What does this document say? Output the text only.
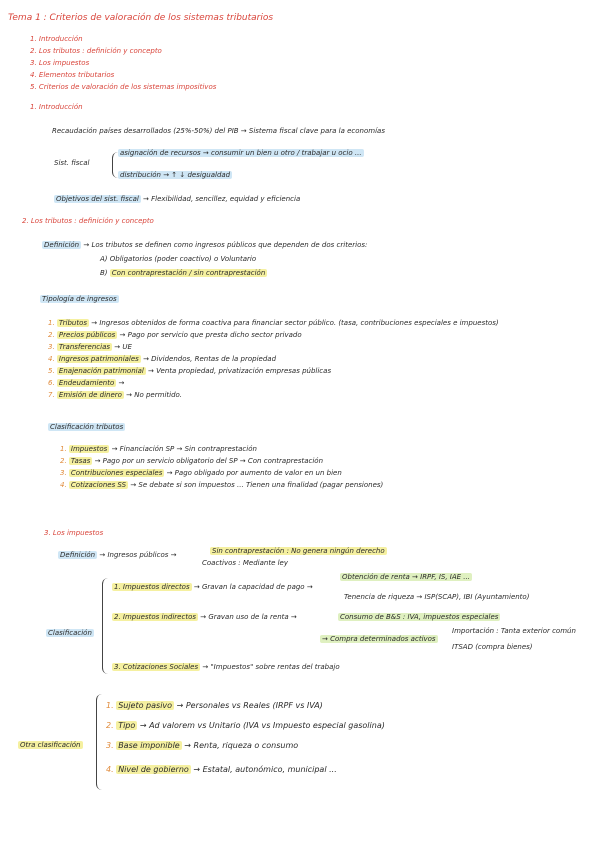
Tema 1 : Criterios de valoración de los sistemas tributarios
1. Introducción
2. Los tributos : definición y concepto
3. Los impuestos
4. Elementos tributarios
5. Criterios de valoración de los sistemas impositivos
1. Introducción
Recaudación países desarrollados (25%-50%) del PIB → Sistema fiscal clave para la economías
Sist. fiscal
asignación de recursos → consumir un bien u otro / trabajar u ocio ...
distribución → ↑ ↓ desigualdad
Objetivos del sist. fiscal → Flexibilidad, sencillez, equidad y eficiencia
2. Los tributos : definición y concepto
Definición → Los tributos se definen como ingresos públicos que dependen de dos criterios:
A) Obligatorios (poder coactivo) o Voluntario
B) Con contraprestación / sin contraprestación
Tipología de ingresos
1. Tributos → Ingresos obtenidos de forma coactiva para financiar sector público. (tasa, contribuciones especiales e impuestos)
2. Precios públicos → Pago por servicio que presta dicho sector privado
3. Transferencias → UE
4. Ingresos patrimoniales → Dividendos, Rentas de la propiedad
5. Enajenación patrimonial → Venta propiedad, privatización empresas públicas
6. Endeudamiento →
7. Emisión de dinero → No permitido.
Clasificación tributos
1. Impuestos → Financiación SP → Sin contraprestación
2. Tasas → Pago por un servicio obligatorio del SP → Con contraprestación
3. Contribuciones especiales → Pago obligado por aumento de valor en un bien
4. Cotizaciones SS → Se debate si son impuestos ... Tienen una finalidad (pagar pensiones)
3. Los impuestos
Definición → Ingresos públicos →	Sin contraprestación : No genera ningún derecho
Coactivos : Mediante ley
Clasificación
1. Impuestos directos → Gravan la capacidad de pago →
Obtención de renta → IRPF, IS, IAE ...
Tenencia de riqueza → ISP(SCAP), IBI (Ayuntamiento)
2. Impuestos indirectos → Gravan uso de la renta →	Consumo de B&S : IVA, impuestos especiales
→ Compra determinados activos
Importación : Tanta exterior común
ITSAD (compra bienes)
3. Cotizaciones Sociales → "Impuestos" sobre rentas del trabajo
Otra clasificación
1. Sujeto pasivo → Personales vs Reales (IRPF vs IVA)
2. Tipo → Ad valorem vs Unitario (IVA vs Impuesto especial gasolina)
3. Base imponible → Renta, riqueza o consumo
4. Nivel de gobierno → Estatal, autonómico, municipal ...
